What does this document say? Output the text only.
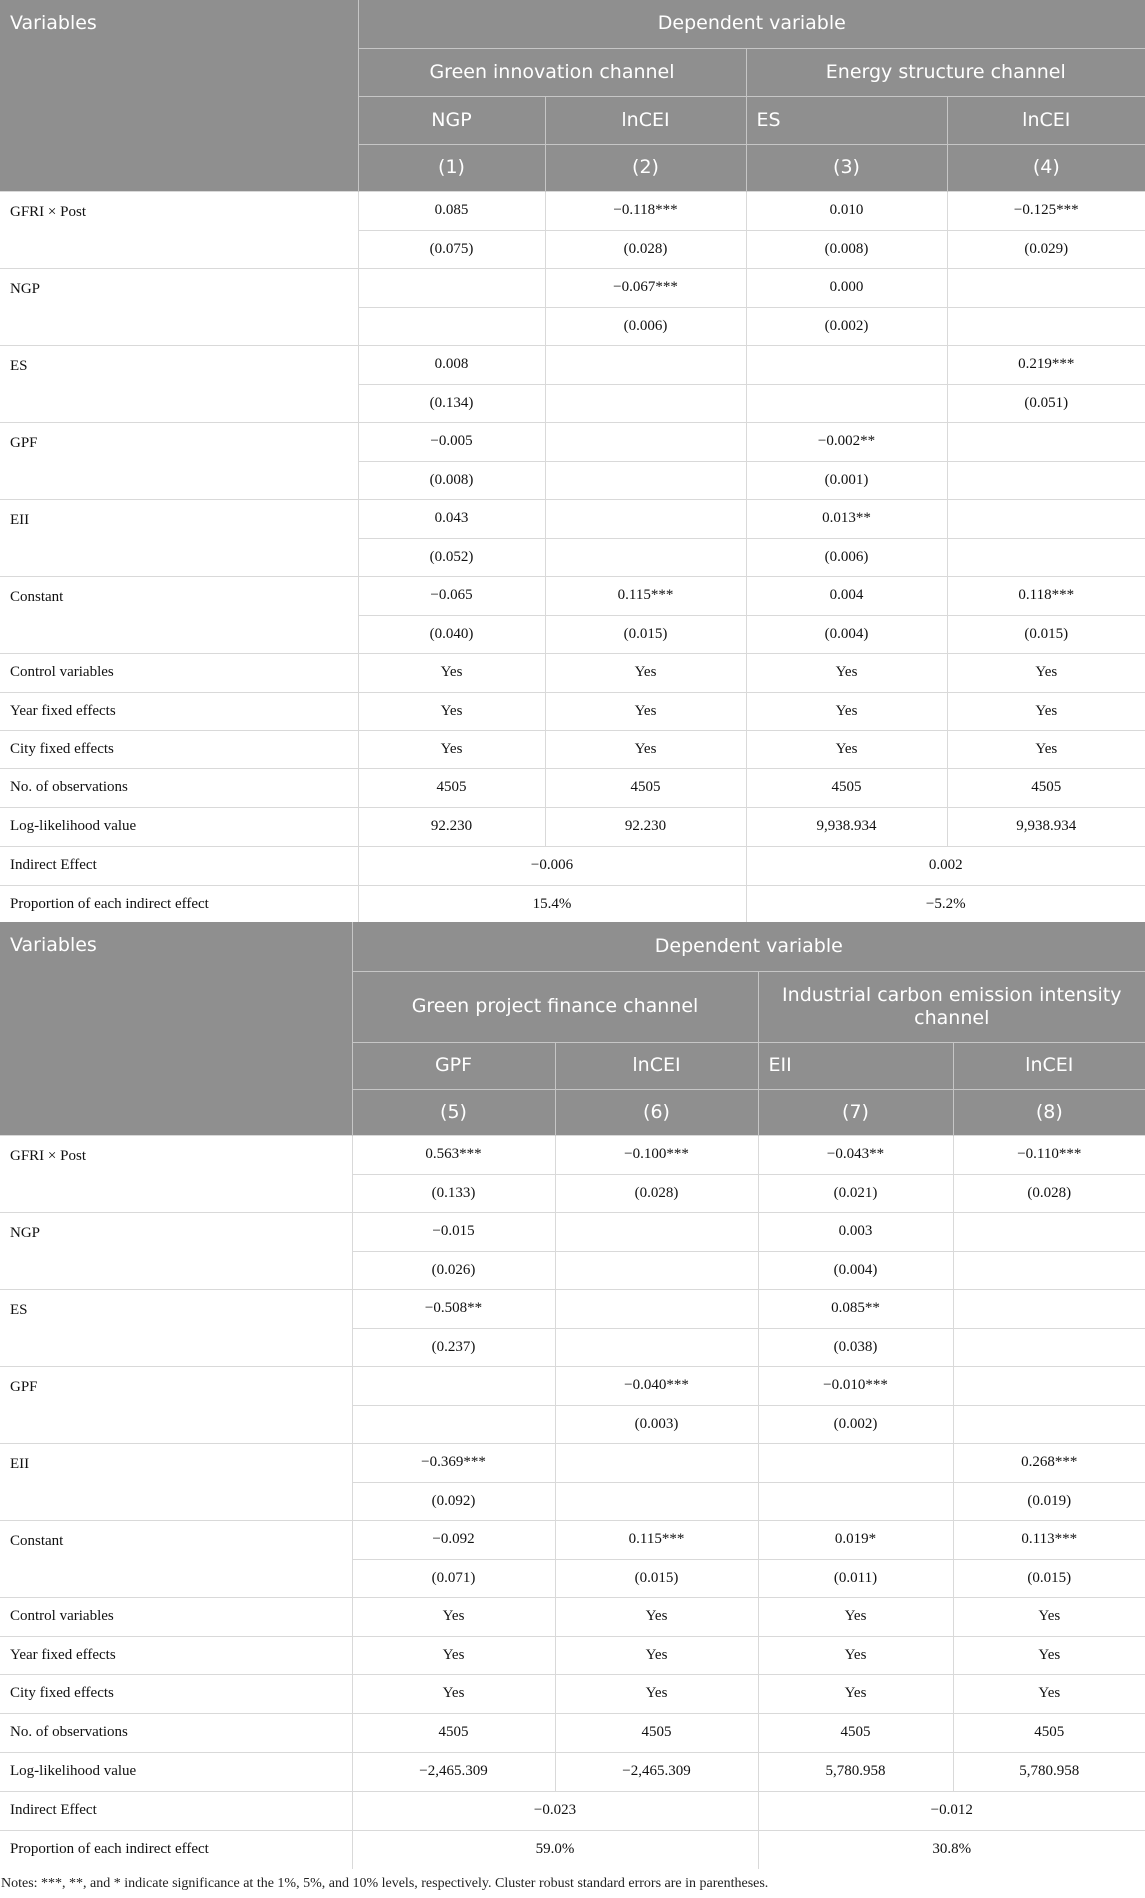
Variables	Dependent variable			
	Green innovation channel		Energy structure channel	
	NGP	lnCEI	ES	lnCEI
	(1)	(2)	(3)	(4)
GFRI × Post	0.085	−0.118***	0.010	−0.125***
	(0.075)	(0.028)	(0.008)	(0.029)
NGP		−0.067***	0.000	
		(0.006)	(0.002)	
ES	0.008			0.219***
	(0.134)			(0.051)
GPF	−0.005		−0.002**	
	(0.008)		(0.001)	
EII	0.043		0.013**	
	(0.052)		(0.006)	
Constant	−0.065	0.115***	0.004	0.118***
	(0.040)	(0.015)	(0.004)	(0.015)
Control variables	Yes	Yes	Yes	Yes
Year fixed effects	Yes	Yes	Yes	Yes
City fixed effects	Yes	Yes	Yes	Yes
No. of observations	4505	4505	4505	4505
Log-likelihood value	92.230	92.230	9,938.934	9,938.934
Indirect Effect	−0.006		0.002	
Proportion of each indirect effect	15.4%		−5.2%	
Variables	Dependent variable			
	Green project finance channel		Industrial carbon emission intensity channel	
	GPF	lnCEI	EII	lnCEI
	(5)	(6)	(7)	(8)
GFRI × Post	0.563***	−0.100***	−0.043**	−0.110***
	(0.133)	(0.028)	(0.021)	(0.028)
NGP	−0.015		0.003	
	(0.026)		(0.004)	
ES	−0.508**		0.085**	
	(0.237)		(0.038)	
GPF		−0.040***	−0.010***	
		(0.003)	(0.002)	
EII	−0.369***			0.268***
	(0.092)			(0.019)
Constant	−0.092	0.115***	0.019*	0.113***
	(0.071)	(0.015)	(0.011)	(0.015)
Control variables	Yes	Yes	Yes	Yes
Year fixed effects	Yes	Yes	Yes	Yes
City fixed effects	Yes	Yes	Yes	Yes
No. of observations	4505	4505	4505	4505
Log-likelihood value	−2,465.309	−2,465.309	5,780.958	5,780.958
Indirect Effect	−0.023		−0.012	
Proportion of each indirect effect	59.0%		30.8%	
Notes: ***, **, and * indicate significance at the 1%, 5%, and 10% levels, respectively. Cluster robust standard errors are in parentheses.
